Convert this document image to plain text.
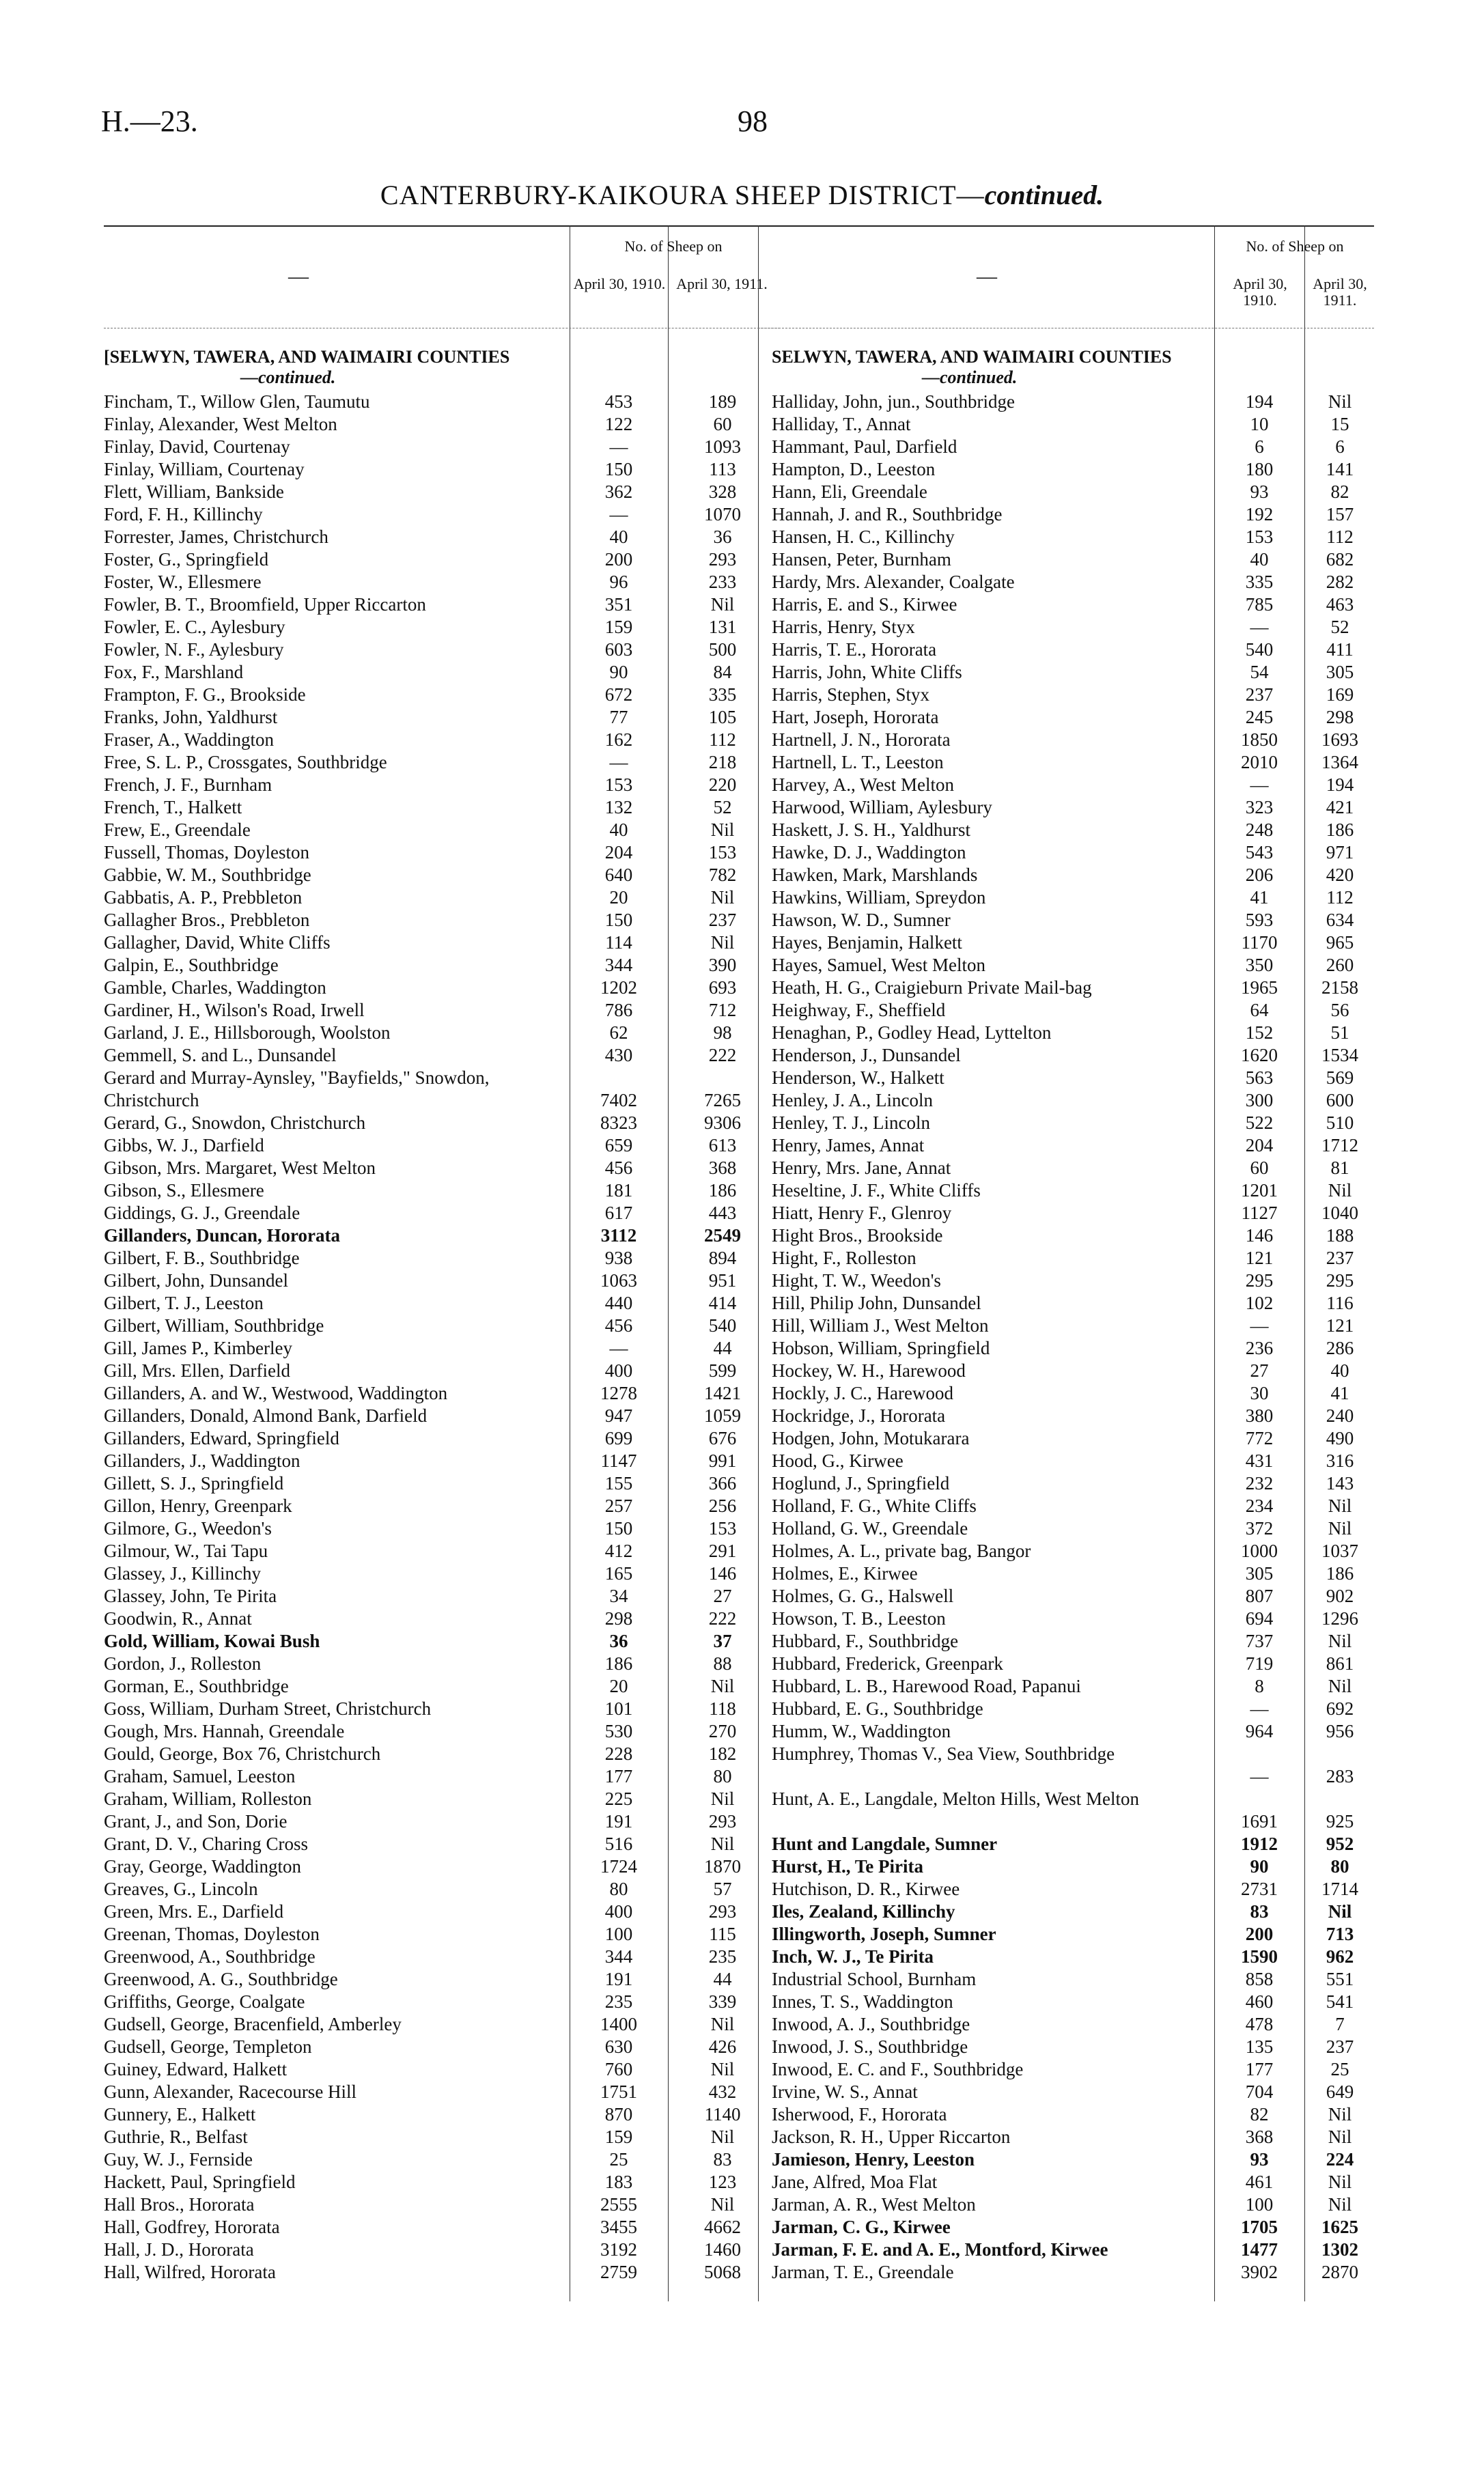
H.—23.	98
CANTERBURY-KAIKOURA SHEEP DISTRICT—continued.
—
No. of Sheep on
April 30, 1910. April 30, 1911.
[SELWYN, TAWERA, AND WAIMAIRI COUNTIES
—continued.
Fincham, T., Willow Glen, Taumutu	453	189
Finlay, Alexander, West Melton	122	60
Finlay, David, Courtenay	—	1093
Finlay, William, Courtenay	150	113
Flett, William, Bankside	362	328
Ford, F. H., Killinchy	—	1070
Forrester, James, Christchurch	40	36
Foster, G., Springfield	200	293
Foster, W., Ellesmere	96	233
Fowler, B. T., Broomfield, Upper Riccarton	351	Nil
Fowler, E. C., Aylesbury	159	131
Fowler, N. F., Aylesbury	603	500
Fox, F., Marshland	90	84
Frampton, F. G., Brookside	672	335
Franks, John, Yaldhurst	77	105
Fraser, A., Waddington	162	112
Free, S. L. P., Crossgates, Southbridge	—	218
French, J. F., Burnham	153	220
French, T., Halkett	132	52
Frew, E., Greendale	40	Nil
Fussell, Thomas, Doyleston	204	153
Gabbie, W. M., Southbridge	640	782
Gabbatis, A. P., Prebbleton	20	Nil
Gallagher Bros., Prebbleton	150	237
Gallagher, David, White Cliffs	114	Nil
Galpin, E., Southbridge	344	390
Gamble, Charles, Waddington	1202	693
Gardiner, H., Wilson's Road, Irwell	786	712
Garland, J. E., Hillsborough, Woolston	62	98
Gemmell, S. and L., Dunsandel	430	222
Gerard and Murray-Aynsley, "Bayfields," Snowdon, Christchurch	7402	7265
Gerard, G., Snowdon, Christchurch	8323	9306
Gibbs, W. J., Darfield	659	613
Gibson, Mrs. Margaret, West Melton	456	368
Gibson, S., Ellesmere	181	186
Giddings, G. J., Greendale	617	443
Gillanders, Duncan, Hororata	3112	2549
Gilbert, F. B., Southbridge	938	894
Gilbert, John, Dunsandel	1063	951
Gilbert, T. J., Leeston	440	414
Gilbert, William, Southbridge	456	540
Gill, James P., Kimberley	—	44
Gill, Mrs. Ellen, Darfield	400	599
Gillanders, A. and W., Westwood, Waddington	1278	1421
Gillanders, Donald, Almond Bank, Darfield	947	1059
Gillanders, Edward, Springfield	699	676
Gillanders, J., Waddington	1147	991
Gillett, S. J., Springfield	155	366
Gillon, Henry, Greenpark	257	256
Gilmore, G., Weedon's	150	153
Gilmour, W., Tai Tapu	412	291
Glassey, J., Killinchy	165	146
Glassey, John, Te Pirita	34	27
Goodwin, R., Annat	298	222
Gold, William, Kowai Bush	36	37
Gordon, J., Rolleston	186	88
Gorman, E., Southbridge	20	Nil
Goss, William, Durham Street, Christchurch	101	118
Gough, Mrs. Hannah, Greendale	530	270
Gould, George, Box 76, Christchurch	228	182
Graham, Samuel, Leeston	177	80
Graham, William, Rolleston	225	Nil
Grant, J., and Son, Dorie	191	293
Grant, D. V., Charing Cross	516	Nil
Gray, George, Waddington	1724	1870
Greaves, G., Lincoln	80	57
Green, Mrs. E., Darfield	400	293
Greenan, Thomas, Doyleston	100	115
Greenwood, A., Southbridge	344	235
Greenwood, A. G., Southbridge	191	44
Griffiths, George, Coalgate	235	339
Gudsell, George, Bracenfield, Amberley	1400	Nil
Gudsell, George, Templeton	630	426
Guiney, Edward, Halkett	760	Nil
Gunn, Alexander, Racecourse Hill	1751	432
Gunnery, E., Halkett	870	1140
Guthrie, R., Belfast	159	Nil
Guy, W. J., Fernside	25	83
Hackett, Paul, Springfield	183	123
Hall Bros., Hororata	2555	Nil
Hall, Godfrey, Hororata	3455	4662
Hall, J. D., Hororata	3192	1460
Hall, Wilfred, Hororata	2759	5068
—
No. of Sheep on
April 30, 1910.
April 30, 1911.
SELWYN, TAWERA, AND WAIMAIRI COUNTIES
—continued.
Halliday, John, jun., Southbridge	194	Nil
Halliday, T., Annat	10	15
Hammant, Paul, Darfield	6	6
Hampton, D., Leeston	180	141
Hann, Eli, Greendale	93	82
Hannah, J. and R., Southbridge	192	157
Hansen, H. C., Killinchy	153	112
Hansen, Peter, Burnham	40	682
Hardy, Mrs. Alexander, Coalgate	335	282
Harris, E. and S., Kirwee	785	463
Harris, Henry, Styx	—	52
Harris, T. E., Hororata	540	411
Harris, John, White Cliffs	54	305
Harris, Stephen, Styx	237	169
Hart, Joseph, Hororata	245	298
Hartnell, J. N., Hororata	1850	1693
Hartnell, L. T., Leeston	2010	1364
Harvey, A., West Melton	—	194
Harwood, William, Aylesbury	323	421
Haskett, J. S. H., Yaldhurst	248	186
Hawke, D. J., Waddington	543	971
Hawken, Mark, Marshlands	206	420
Hawkins, William, Spreydon	41	112
Hawson, W. D., Sumner	593	634
Hayes, Benjamin, Halkett	1170	965
Hayes, Samuel, West Melton	350	260
Heath, H. G., Craigieburn Private Mail-bag	1965	2158
Heighway, F., Sheffield	64	56
Henaghan, P., Godley Head, Lyttelton	152	51
Henderson, J., Dunsandel	1620	1534
Henderson, W., Halkett	563	569
Henley, J. A., Lincoln	300	600
Henley, T. J., Lincoln	522	510
Henry, James, Annat	204	1712
Henry, Mrs. Jane, Annat	60	81
Heseltine, J. F., White Cliffs	1201	Nil
Hiatt, Henry F., Glenroy	1127	1040
Hight Bros., Brookside	146	188
Hight, F., Rolleston	121	237
Hight, T. W., Weedon's	295	295
Hill, Philip John, Dunsandel	102	116
Hill, William J., West Melton	—	121
Hobson, William, Springfield	236	286
Hockey, W. H., Harewood	27	40
Hockly, J. C., Harewood	30	41
Hockridge, J., Hororata	380	240
Hodgen, John, Motukarara	772	490
Hood, G., Kirwee	431	316
Hoglund, J., Springfield	232	143
Holland, F. G., White Cliffs	234	Nil
Holland, G. W., Greendale	372	Nil
Holmes, A. L., private bag, Bangor	1000	1037
Holmes, E., Kirwee	305	186
Holmes, G. G., Halswell	807	902
Howson, T. B., Leeston	694	1296
Hubbard, F., Southbridge	737	Nil
Hubbard, Frederick, Greenpark	719	861
Hubbard, L. B., Harewood Road, Papanui	8	Nil
Hubbard, E. G., Southbridge	—	692
Humm, W., Waddington	964	956
Humphrey, Thomas V., Sea View, Southbridge
—	283
Hunt, A. E., Langdale, Melton Hills, West Melton
1691	925
Hunt and Langdale, Sumner	1912	952
Hurst, H., Te Pirita	90	80
Hutchison, D. R., Kirwee	2731	1714
Iles, Zealand, Killinchy	83	Nil
Illingworth, Joseph, Sumner	200	713
Inch, W. J., Te Pirita	1590	962
Industrial School, Burnham	858	551
Innes, T. S., Waddington	460	541
Inwood, A. J., Southbridge	478	7
Inwood, J. S., Southbridge	135	237
Inwood, E. C. and F., Southbridge	177	25
Irvine, W. S., Annat	704	649
Isherwood, F., Hororata	82	Nil
Jackson, R. H., Upper Riccarton	368	Nil
Jamieson, Henry, Leeston	93	224
Jane, Alfred, Moa Flat	461	Nil
Jarman, A. R., West Melton	100	Nil
Jarman, C. G., Kirwee	1705	1625
Jarman, F. E. and A. E., Montford, Kirwee	1477	1302
Jarman, T. E., Greendale	3902	2870
